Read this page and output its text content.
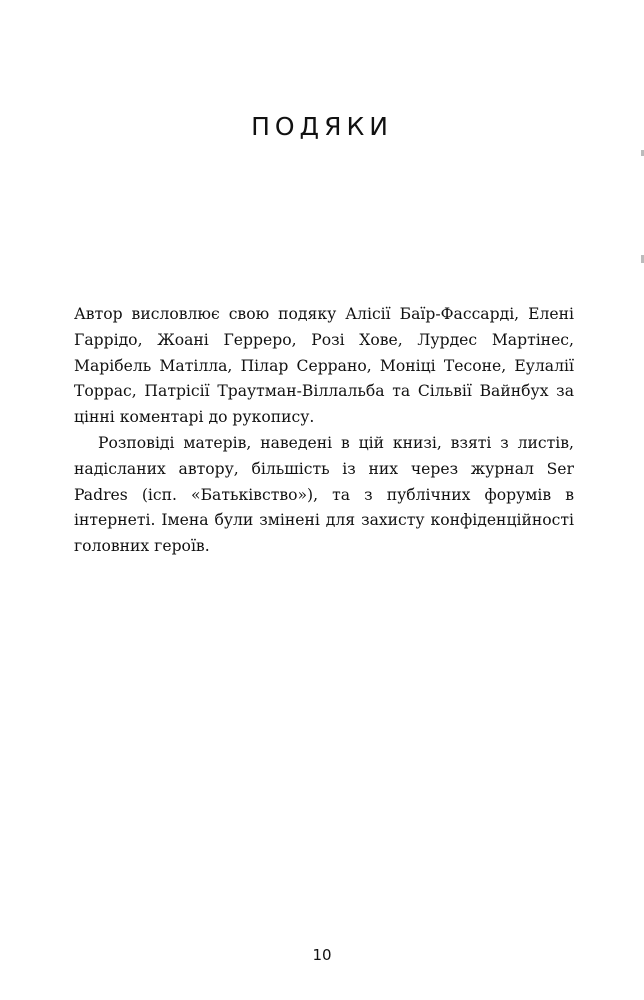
ПОДЯКИ

Автор висловлює свою подяку Алісії Баїр-Фассарді, Елені Гаррідо, Жоані Герреро, Розі Хове, Лурдес Мартінес, Марібель Матілла, Пілар Серрано, Моніці Тесоне, Еулалії Торрас, Патрісії Траутман-Віллальба та Сільвії Вайнбух за цінні коментарі до рукопису.

Розповіді матерів, наведені в цій книзі, взяті з листів, надісланих автору, більшість із них через журнал Ser Padres (ісп. «Батьківство»), та з публічних форумів в інтернеті. Імена були змінені для захисту конфіденційності головних героїв.

10
